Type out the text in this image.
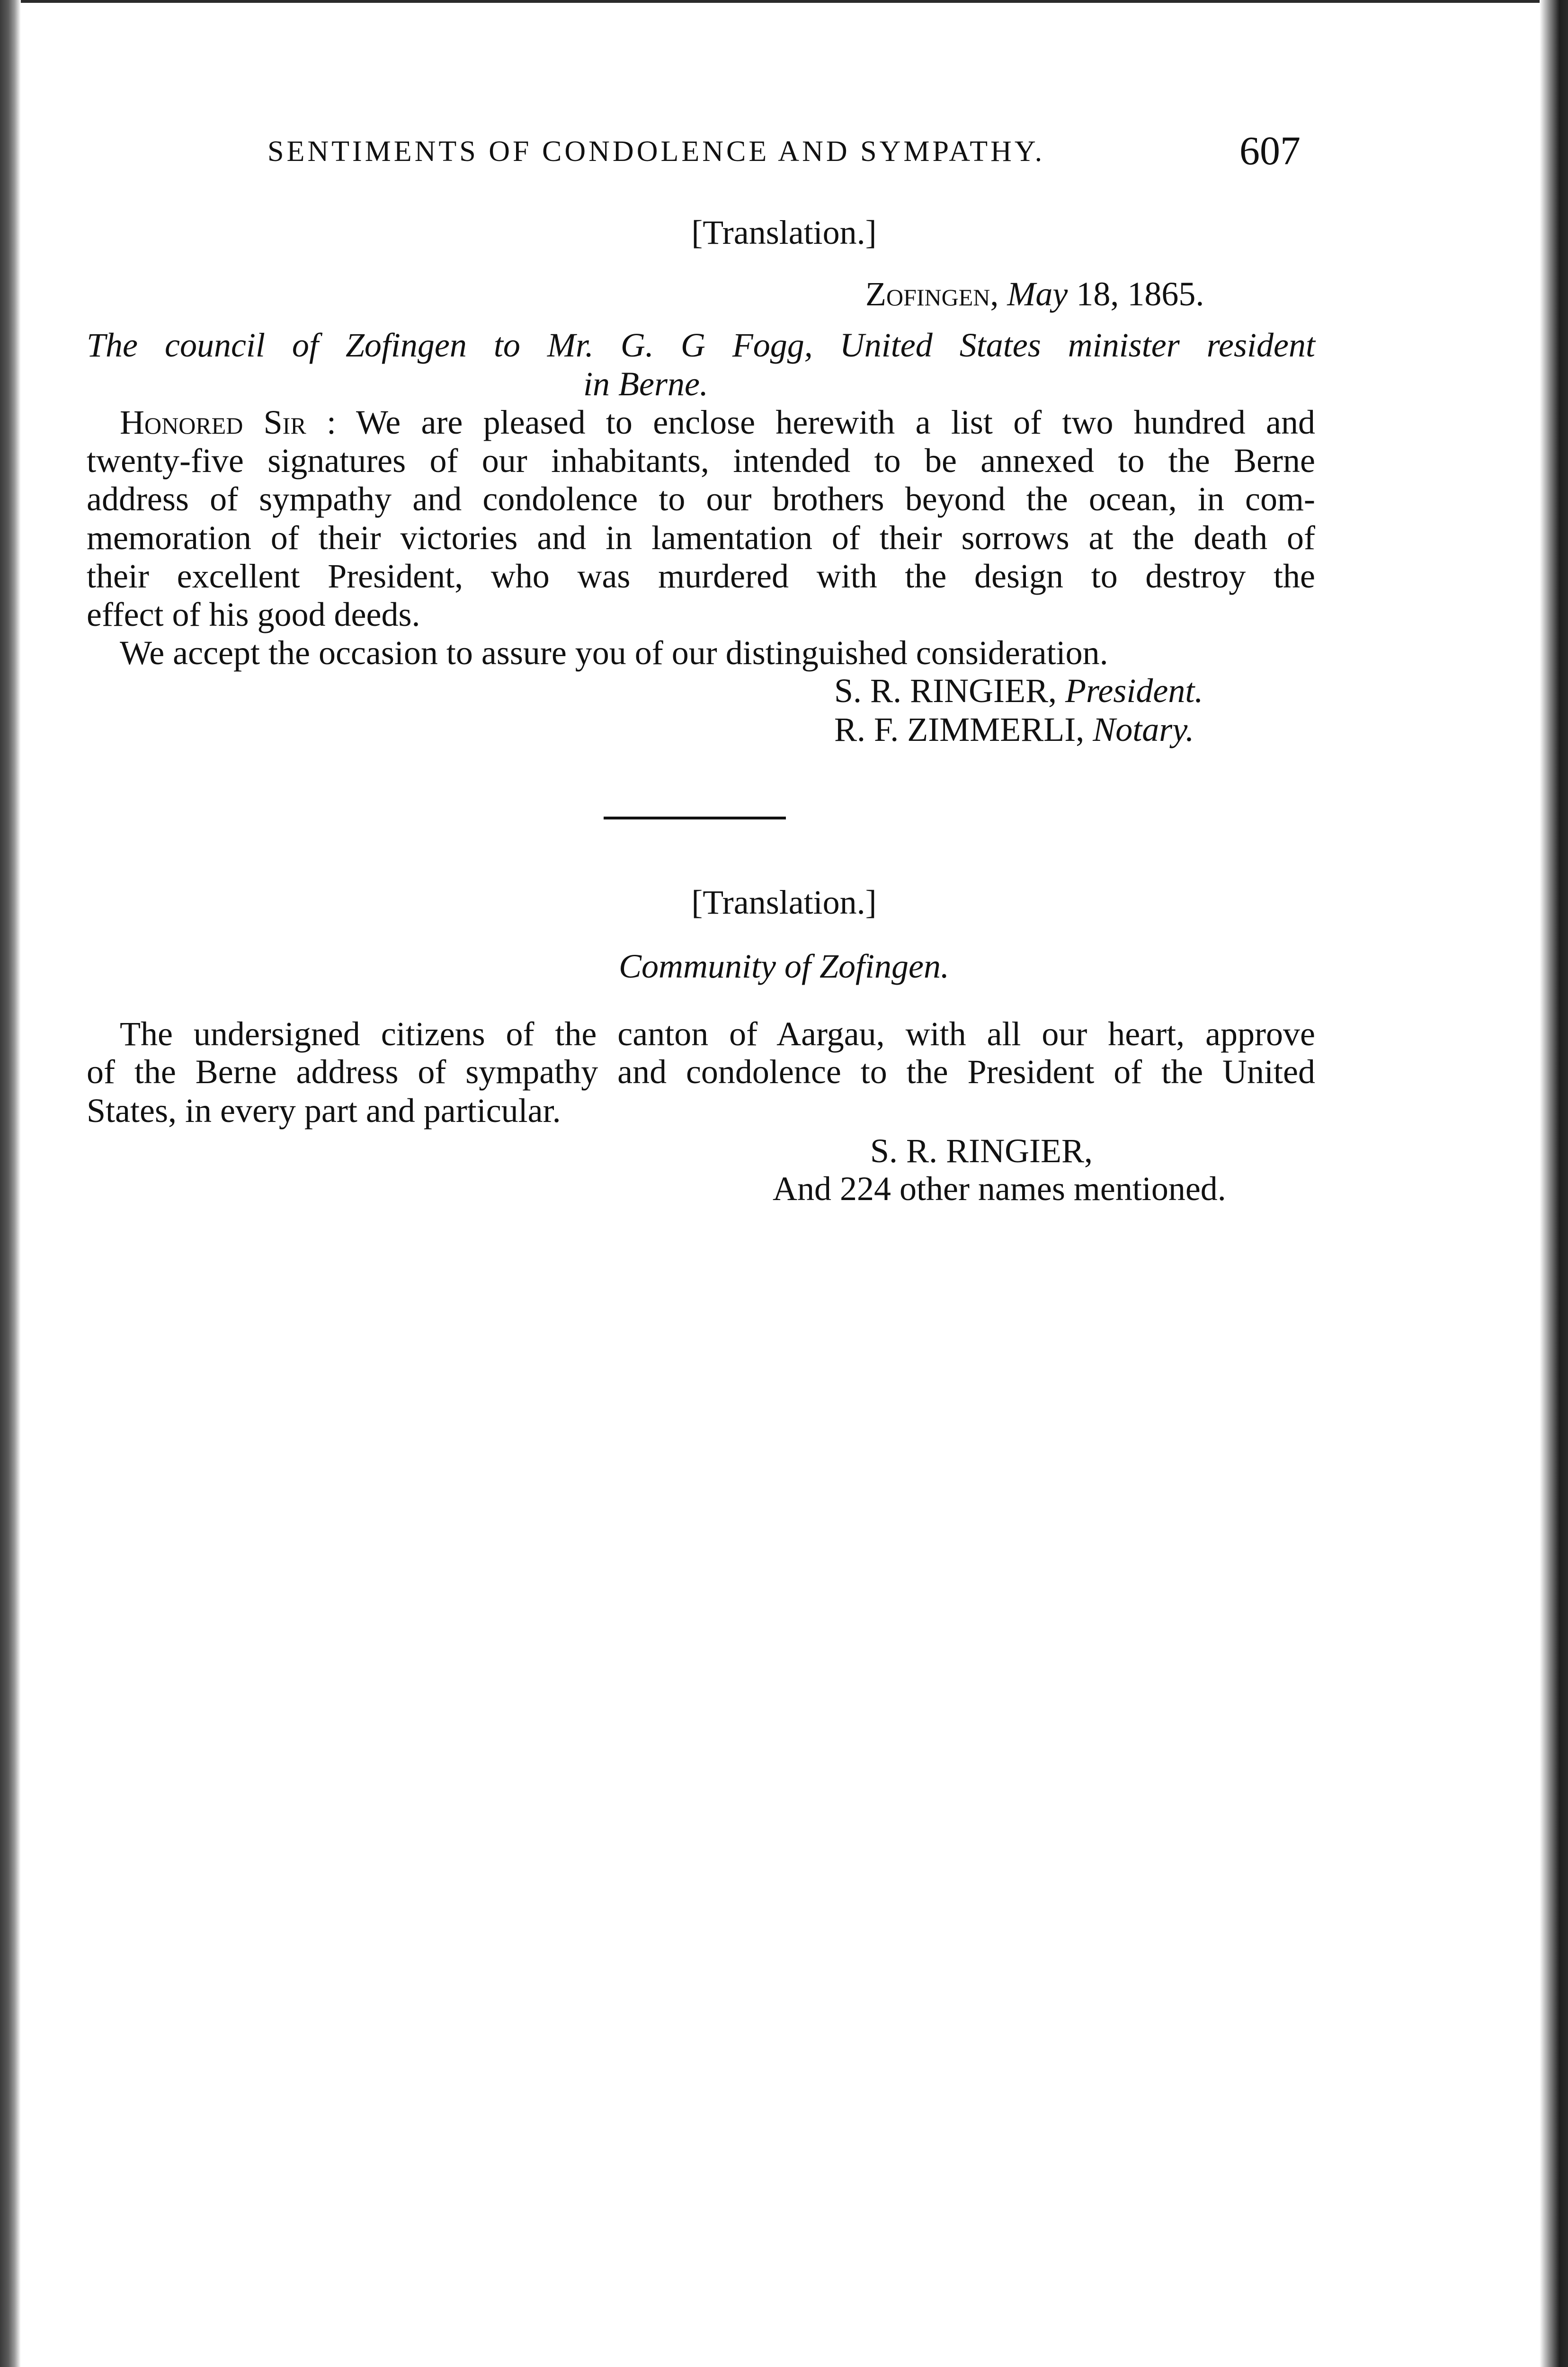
SENTIMENTS OF CONDOLENCE AND SYMPATHY.	607
[Translation.]
Zofingen, May 18, 1865.
The council of Zofingen to Mr. G. G Fogg, United States minister resident
in Berne.
Honored Sir : We are pleased to enclose herewith a list of two hundred and
twenty-five signatures of our inhabitants, intended to be annexed to the Berne
address of sympathy and condolence to our brothers beyond the ocean, in com-
memoration of their victories and in lamentation of their sorrows at the death of
their excellent President, who was murdered with the design to destroy the
effect of his good deeds.
We accept the occasion to assure you of our distinguished consideration.
S. R. RINGIER, President.
R. F. ZIMMERLI, Notary.
[Translation.]
Community of Zofingen.
The undersigned citizens of the canton of Aargau, with all our heart, approve
of the Berne address of sympathy and condolence to the President of the United
States, in every part and particular.
S. R. RINGIER,
And 224 other names mentioned.
